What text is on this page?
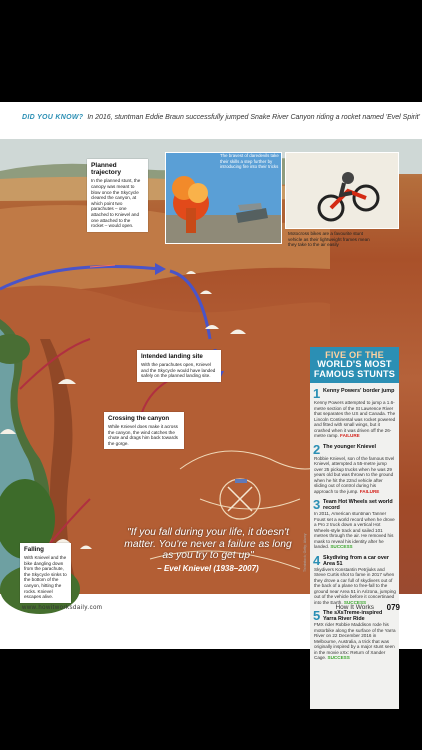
DID YOU KNOW? In 2016, stuntman Eddie Braun successfully jumped Snake River Canyon riding a rocket named 'Evel Spirit'
The bravest of daredevils take their skills a step further by introducing fire into their tricks
Motocross bikes are a favourite stunt vehicle as their lightweight frames mean they take to the air easily
Planned trajectory
In the planned stunt, the canopy was meant to blow once the Skycycle cleared the canyon, at which point two parachutes – one attached to Knievel and one attached to the rocket – would open.
Intended landing site
With the parachutes open, Knievel and the Skycycle would have landed safely on the planned landing site.
Crossing the canyon
While Knievel does make it across the canyon, the wind catches the chute and drags him back towards the gorge.
Falling
With Knievel and the bike dangling down from the parachute, the Skycycle sinks to the bottom of the canyon, hitting the rocks. Knievel escapes alive.
FIVE OF THE
WORLD'S MOST
FAMOUS STUNTS
1 Kenny Powers' border jump
Kenny Powers attempted to jump a 1.6-metre section of the St Lawrence River that separates the US and Canada. The Lincoln Continental was rocket powered and fitted with small wings, but it crashed when it was driven off the 26-metre ramp. FAILURE
2 The younger Knievel
Robbie Knievel, son of the famous Evel Knievel, attempted a 55-metre jump over 25 pickup trucks when he was 29 years old but was thrown to the ground when he hit the 22nd vehicle after sliding out of control during his approach to the jump. FAILURE
3 Team Hot Wheels set world record
In 2011, American stuntman Tanner Foust set a world record when he drove a Pro 2 truck down a vertical Hot Wheels-style track and sailed 101 metres through the air. He removed his mask to reveal his identity after he landed. SUCCESS
4 Skydiving from a car over Area 51
Skydivers Konstantin Petrjiuks and Steve Curtis shot to fame in 2017 when they drove a car full of skydivers out of the back of a plane to free-fall to the ground near Area 51 in Arizona, jumping out of the vehicle before it concertinaed into the Earth. SUCCESS
5 The sXsTreme-inspired Yarra River Ride
FMX rider Robbie Maddison rode his motorbike along the surface of the Yarra River on 22 December 2016 in Melbourne, Australia, a trick that was originally inspired by a major stunt seen in the movie xXx: Return of Xander Cage. SUCCESS
Thinkstock; Getty; Alamy
www.howitworksdaily.com	How It Works 079
"If you fall during your life, it doesn't matter. You're never a failure as long as you try to get up"
– Evel Knievel (1938–2007)
